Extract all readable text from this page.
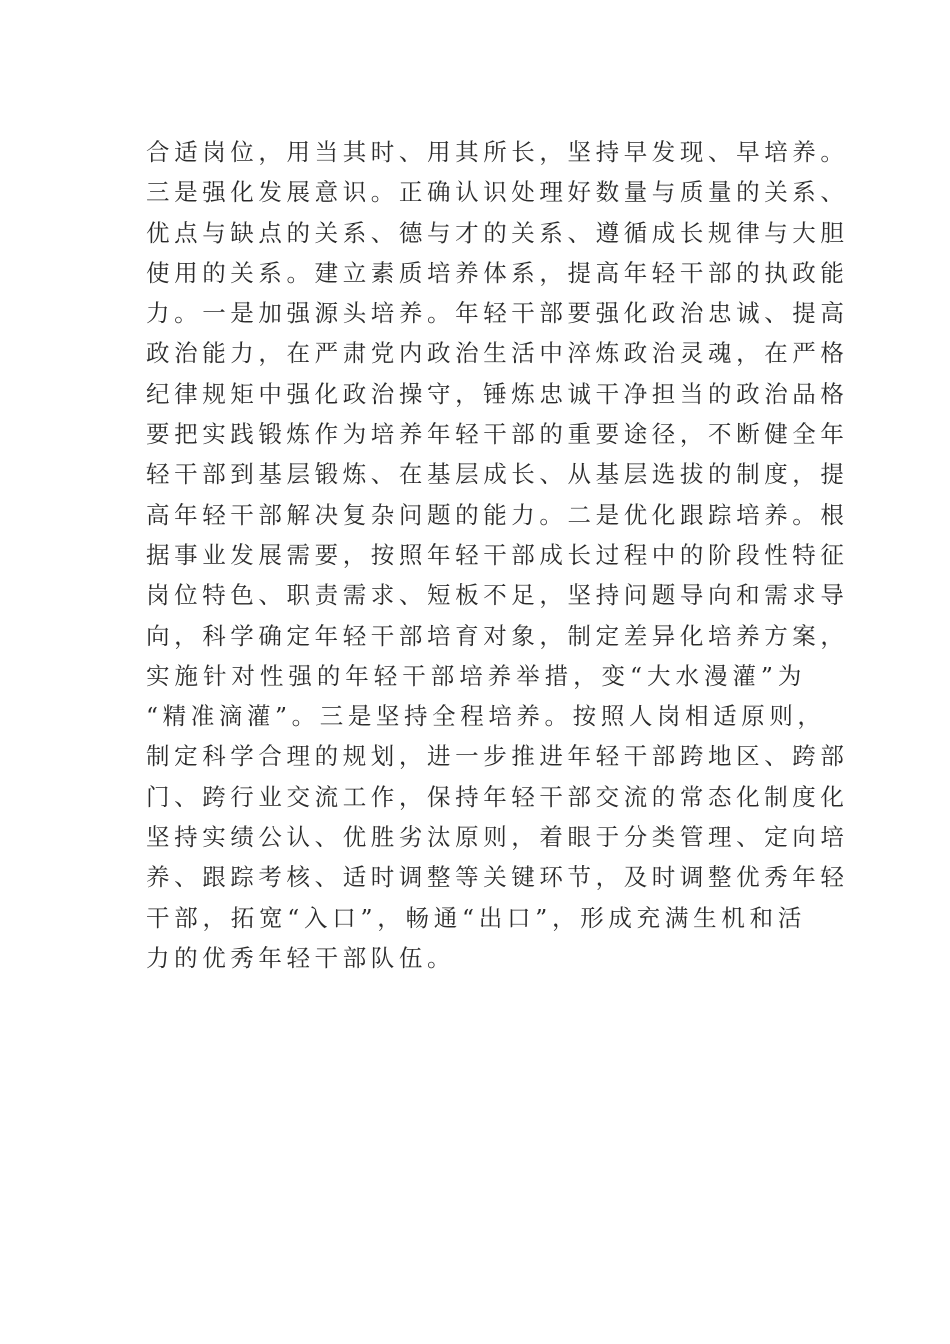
合适岗位，用当其时、用其所长，坚持早发现、早培养。
三是强化发展意识。正确认识处理好数量与质量的关系、
优点与缺点的关系、德与才的关系、遵循成长规律与大胆
使用的关系。建立素质培养体系，提高年轻干部的执政能
力。一是加强源头培养。年轻干部要强化政治忠诚、提高
政治能力，在严肃党内政治生活中淬炼政治灵魂，在严格
纪律规矩中强化政治操守，锤炼忠诚干净担当的政治品格
要把实践锻炼作为培养年轻干部的重要途径，不断健全年
轻干部到基层锻炼、在基层成长、从基层选拔的制度，提
高年轻干部解决复杂问题的能力。二是优化跟踪培养。根
据事业发展需要，按照年轻干部成长过程中的阶段性特征
岗位特色、职责需求、短板不足，坚持问题导向和需求导
向，科学确定年轻干部培育对象，制定差异化培养方案，
实施针对性强的年轻干部培养举措，变“大水漫灌”为
“精准滴灌”。三是坚持全程培养。按照人岗相适原则，
制定科学合理的规划，进一步推进年轻干部跨地区、跨部
门、跨行业交流工作，保持年轻干部交流的常态化制度化
坚持实绩公认、优胜劣汰原则，着眼于分类管理、定向培
养、跟踪考核、适时调整等关键环节，及时调整优秀年轻
干部，拓宽“入口”，畅通“出口”，形成充满生机和活
力的优秀年轻干部队伍。
